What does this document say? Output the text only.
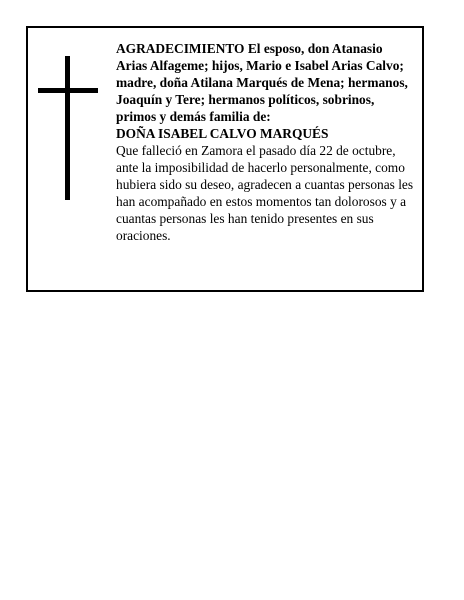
AGRADECIMIENTO El esposo, don Atanasio Arias Alfageme; hijos, Mario e Isabel Arias Calvo; madre, doña Atilana Marqués de Mena; hermanos, Joaquín y Tere; hermanos políticos, sobrinos, primos y demás familia de:

DOÑA ISABEL CALVO MARQUÉS

Que falleció en Zamora el pasado día 22 de octubre, ante la imposibilidad de hacerlo personalmente, como hubiera sido su deseo, agradecen a cuantas personas les han acompañado en estos momentos tan dolorosos y a cuantas personas les han tenido presentes en sus oraciones.
